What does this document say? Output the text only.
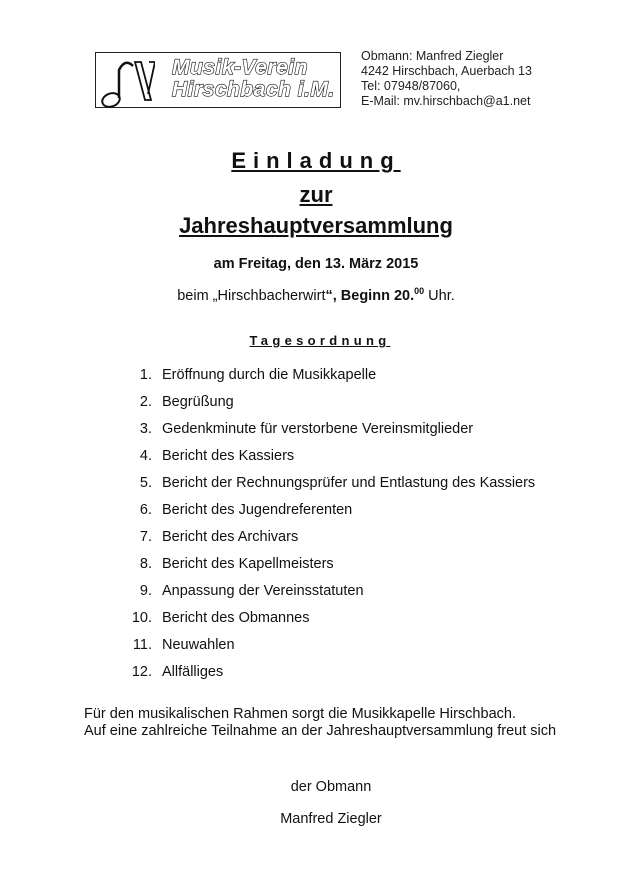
Musik-Verein
Hirschbach i.M.
Obmann: Manfred Ziegler
4242 Hirschbach, Auerbach 13
Tel: 07948/87060,
E-Mail: mv.hirschbach@a1.net
Einladung
zur
Jahreshauptversammlung
am Freitag, den 13. März 2015
beim „Hirschbacherwirt“, Beginn 20.00 Uhr.
Tagesordnung
1. Eröffnung durch die Musikkapelle
2. Begrüßung
3. Gedenkminute für verstorbene Vereinsmitglieder
4. Bericht des Kassiers
5. Bericht der Rechnungsprüfer und Entlastung des Kassiers
6. Bericht des Jugendreferenten
7. Bericht des Archivars
8. Bericht des Kapellmeisters
9. Anpassung der Vereinsstatuten
10. Bericht des Obmannes
11. Neuwahlen
12. Allfälliges
Für den musikalischen Rahmen sorgt die Musikkapelle Hirschbach.
Auf eine zahlreiche Teilnahme an der Jahreshauptversammlung freut sich
der Obmann
Manfred Ziegler
